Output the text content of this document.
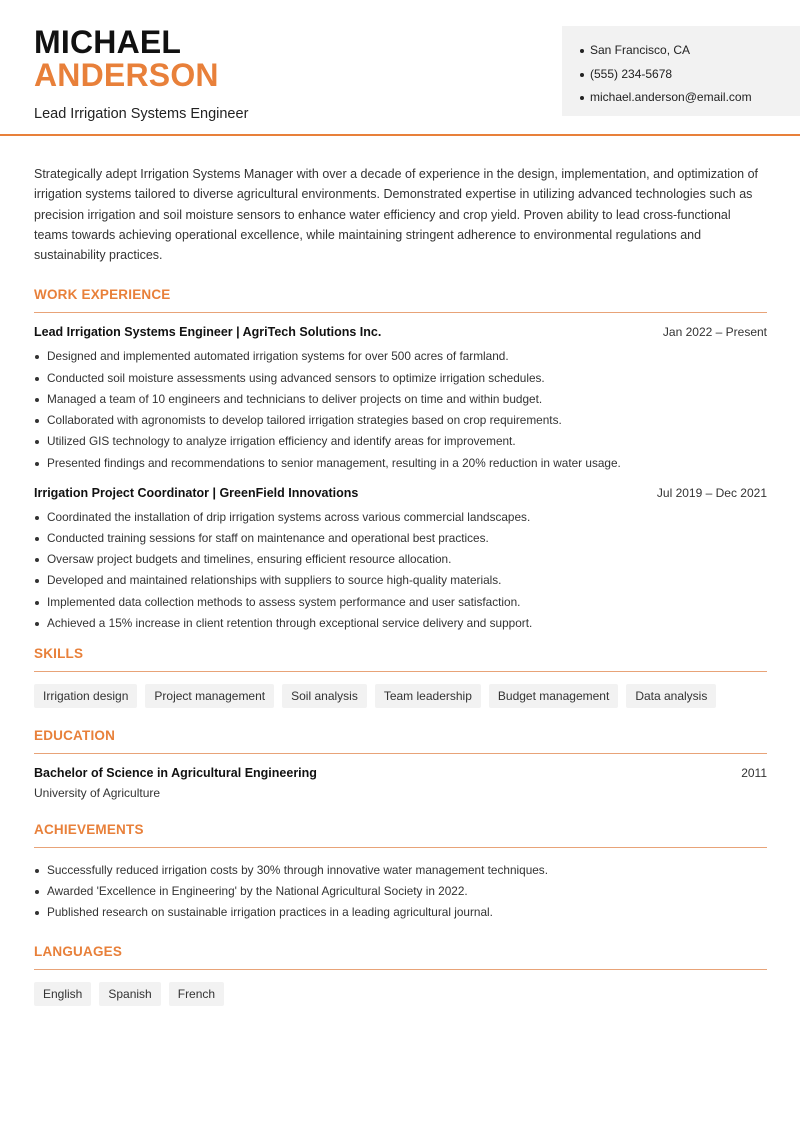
MICHAEL
ANDERSON
Lead Irrigation Systems Engineer
San Francisco, CA
(555) 234-5678
michael.anderson@email.com

Strategically adept Irrigation Systems Manager with over a decade of experience in the design, implementation, and optimization of irrigation systems tailored to diverse agricultural environments. Demonstrated expertise in utilizing advanced technologies such as precision irrigation and soil moisture sensors to enhance water efficiency and crop yield. Proven ability to lead cross-functional teams towards achieving operational excellence, while maintaining stringent adherence to environmental regulations and sustainability practices.

WORK EXPERIENCE
Lead Irrigation Systems Engineer | AgriTech Solutions Inc.	Jan 2022 – Present
Designed and implemented automated irrigation systems for over 500 acres of farmland.
Conducted soil moisture assessments using advanced sensors to optimize irrigation schedules.
Managed a team of 10 engineers and technicians to deliver projects on time and within budget.
Collaborated with agronomists to develop tailored irrigation strategies based on crop requirements.
Utilized GIS technology to analyze irrigation efficiency and identify areas for improvement.
Presented findings and recommendations to senior management, resulting in a 20% reduction in water usage.
Irrigation Project Coordinator | GreenField Innovations	Jul 2019 – Dec 2021
Coordinated the installation of drip irrigation systems across various commercial landscapes.
Conducted training sessions for staff on maintenance and operational best practices.
Oversaw project budgets and timelines, ensuring efficient resource allocation.
Developed and maintained relationships with suppliers to source high-quality materials.
Implemented data collection methods to assess system performance and user satisfaction.
Achieved a 15% increase in client retention through exceptional service delivery and support.
SKILLS
Irrigation design	Project management	Soil analysis	Team leadership	Budget management	Data analysis
EDUCATION
Bachelor of Science in Agricultural Engineering	2011
University of Agriculture
ACHIEVEMENTS
Successfully reduced irrigation costs by 30% through innovative water management techniques.
Awarded 'Excellence in Engineering' by the National Agricultural Society in 2022.
Published research on sustainable irrigation practices in a leading agricultural journal.
LANGUAGES
English	Spanish	French
